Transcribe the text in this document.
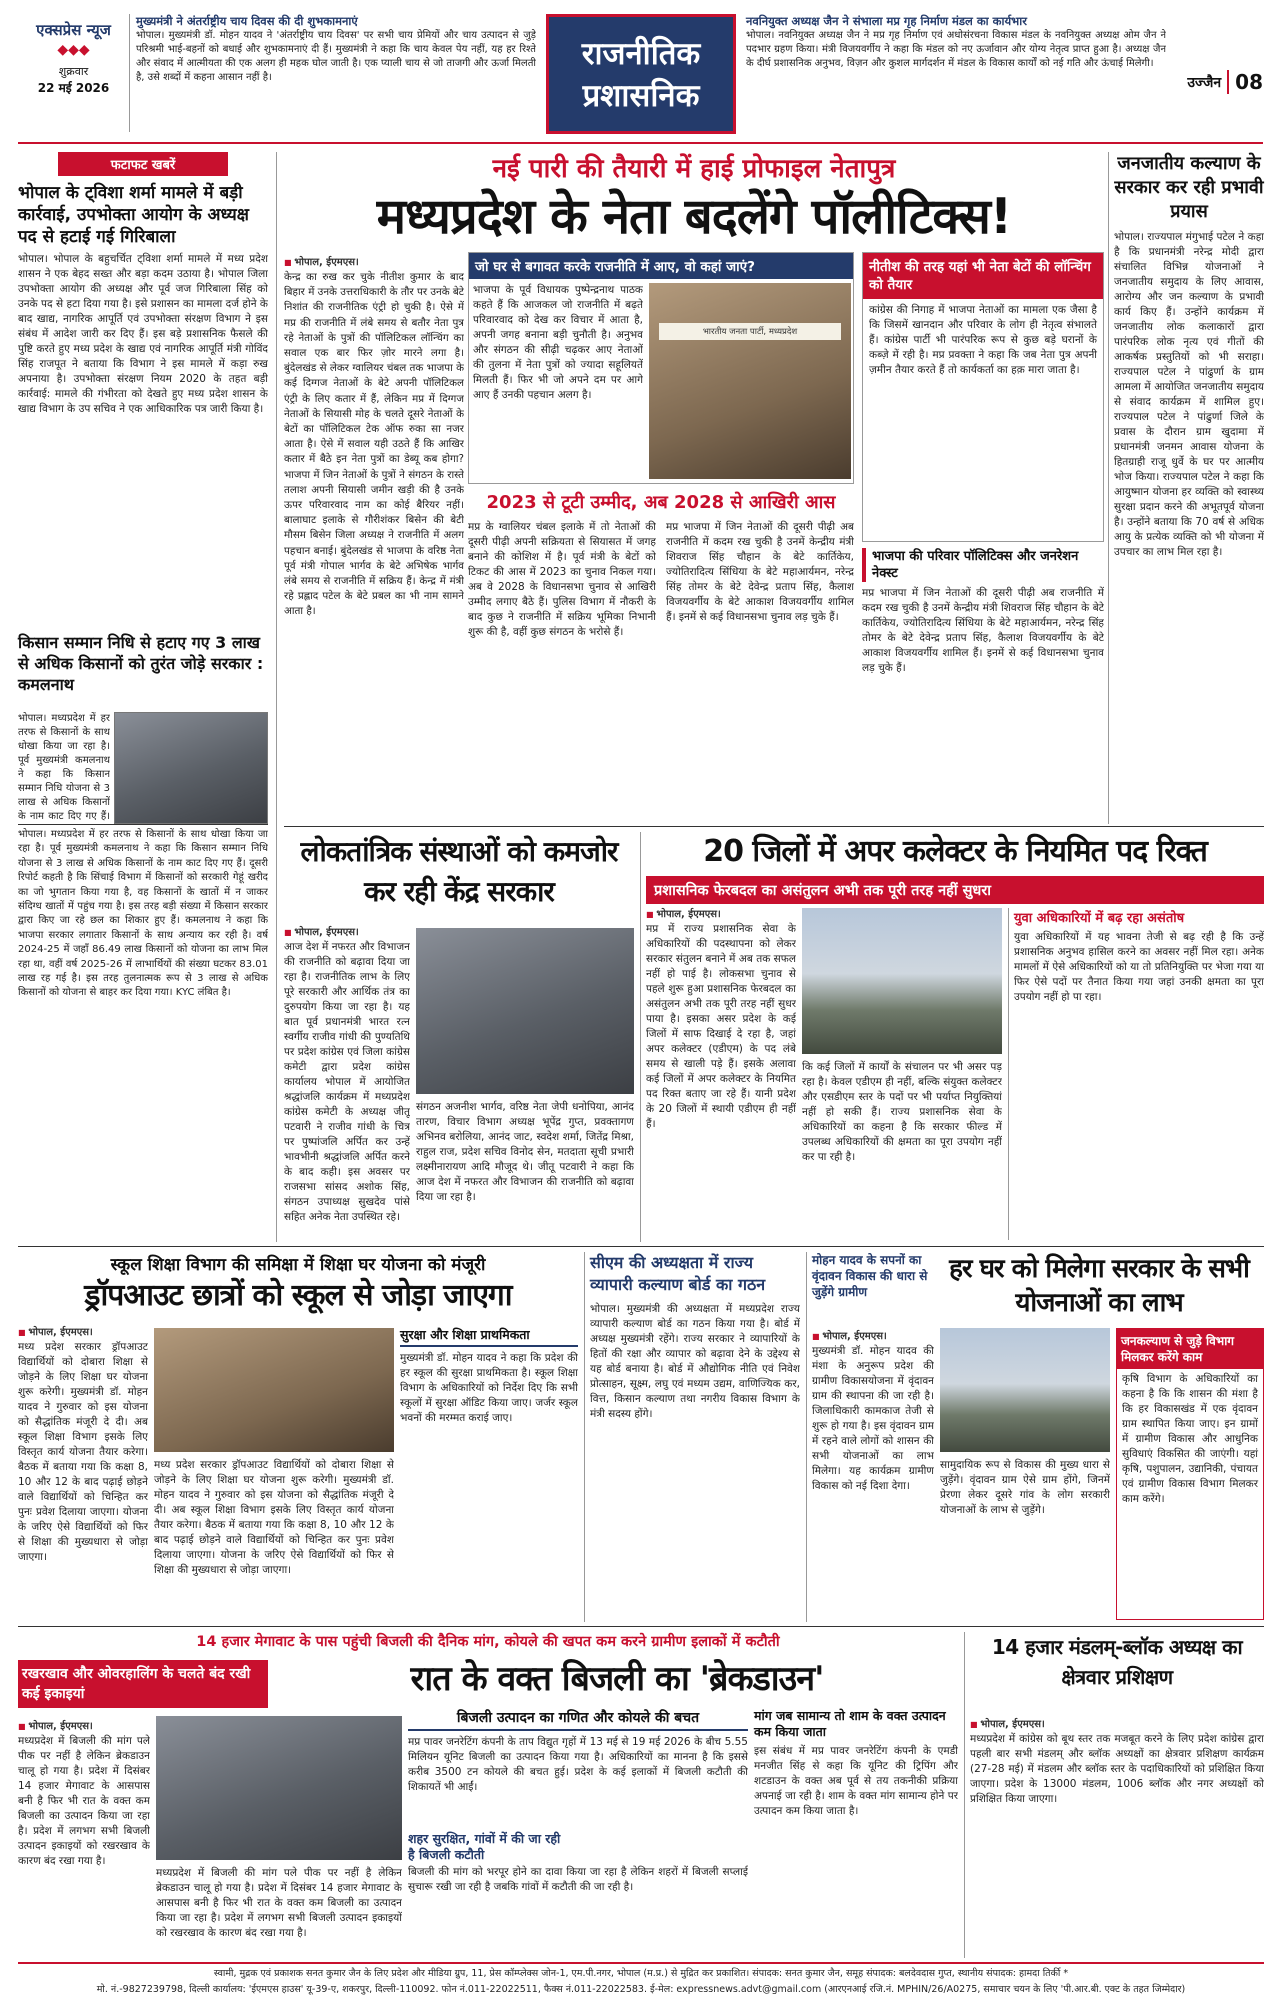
एक्सप्रेस न्यूज
◆◆◆
शुक्रवार
22 मई 2026
मुख्यमंत्री ने अंतर्राष्ट्रीय चाय दिवस की दी शुभकामनाएं
भोपाल। मुख्यमंत्री डॉ. मोहन यादव ने 'अंतर्राष्ट्रीय चाय दिवस' पर सभी चाय प्रेमियों और चाय उत्पादन से जुड़े परिश्रमी भाई-बहनों को बधाई और शुभकामनाएं दी हैं। मुख्यमंत्री ने कहा कि चाय केवल पेय नहीं, यह हर रिश्ते और संवाद में आत्मीयता की एक अलग ही महक घोल जाती है। एक प्याली चाय से जो ताजगी और ऊर्जा मिलती है, उसे शब्दों में कहना आसान नहीं है।
राजनीतिक
प्रशासनिक
नवनियुक्त अध्यक्ष जैन ने संभाला मप्र गृह निर्माण मंडल का कार्यभार
भोपाल। नवनियुक्त अध्यक्ष जैन ने मप्र गृह निर्माण एवं अधोसंरचना विकास मंडल के नवनियुक्त अध्यक्ष ओम जैन ने पदभार ग्रहण किया। मंत्री विजयवर्गीय ने कहा कि मंडल को नए ऊर्जावान और योग्य नेतृत्व प्राप्त हुआ है। अध्यक्ष जैन के दीर्घ प्रशासनिक अनुभव, विज़न और कुशल मार्गदर्शन में मंडल के विकास कार्यों को नई गति और ऊंचाई मिलेगी।
उज्जैन 08
फटाफट खबरें
भोपाल के ट्विशा शर्मा मामले में बड़ी कार्रवाई, उपभोक्ता आयोग के अध्यक्ष पद से हटाई गई गिरिबाला
भोपाल। भोपाल के बहुचर्चित ट्विशा शर्मा मामले में मध्य प्रदेश शासन ने एक बेहद सख्त और बड़ा कदम उठाया है। भोपाल जिला उपभोक्ता आयोग की अध्यक्ष और पूर्व जज गिरिबाला सिंह को उनके पद से हटा दिया गया है। इसे प्रशासन का मामला दर्ज होने के बाद खाद्य, नागरिक आपूर्ति एवं उपभोक्ता संरक्षण विभाग ने इस संबंध में आदेश जारी कर दिए हैं। इस बड़े प्रशासनिक फैसले की पुष्टि करते हुए मध्य प्रदेश के खाद्य एवं नागरिक आपूर्ति मंत्री गोविंद सिंह राजपूत ने बताया कि विभाग ने इस मामले में कड़ा रुख अपनाया है। उपभोक्ता संरक्षण नियम 2020 के तहत बड़ी कार्रवाई: मामले की गंभीरता को देखते हुए मध्य प्रदेश शासन के खाद्य विभाग के उप सचिव ने एक आधिकारिक पत्र जारी किया है।
किसान सम्मान निधि से हटाए गए 3 लाख से अधिक किसानों को तुरंत जोड़े सरकार : कमलनाथ
भोपाल। मध्यप्रदेश में हर तरफ से किसानों के साथ धोखा किया जा रहा है। पूर्व मुख्यमंत्री कमलनाथ ने कहा कि किसान सम्मान निधि योजना से 3 लाख से अधिक किसानों के नाम काट दिए गए हैं।
भोपाल। मध्यप्रदेश में हर तरफ से किसानों के साथ धोखा किया जा रहा है। पूर्व मुख्यमंत्री कमलनाथ ने कहा कि किसान सम्मान निधि योजना से 3 लाख से अधिक किसानों के नाम काट दिए गए हैं। दूसरी रिपोर्ट कहती है कि सिंचाई विभाग में किसानों को सरकारी गेहूं खरीद का जो भुगतान किया गया है, वह किसानों के खातों में न जाकर संदिग्ध खातों में पहुंच गया है। इस तरह बड़ी संख्या में किसान सरकार द्वारा किए जा रहे छल का शिकार हुए हैं। कमलनाथ ने कहा कि भाजपा सरकार लगातार किसानों के साथ अन्याय कर रही है। वर्ष 2024-25 में जहाँ 86.49 लाख किसानों को योजना का लाभ मिल रहा था, वहीं वर्ष 2025-26 में लाभार्थियों की संख्या घटकर 83.01 लाख रह गई है। इस तरह तुलनात्मक रूप से 3 लाख से अधिक किसानों को योजना से बाहर कर दिया गया। KYC लंबित है।
नई पारी की तैयारी में हाई प्रोफाइल नेतापुत्र
मध्यप्रदेश के नेता बदलेंगे पॉलीटिक्स!
■ भोपाल, ईएमएस।
केन्द्र का रुख कर चुके नीतीश कुमार के बाद बिहार में उनके उत्तराधिकारी के तौर पर उनके बेटे निशांत की राजनीतिक एंट्री हो चुकी है। ऐसे में मप्र की राजनीति में लंबे समय से बतौर नेता पुत्र रहे नेताओं के पुत्रों की पॉलिटिकल लॉन्चिंग का सवाल एक बार फिर ज़ोर मारने लगा है। बुंदेलखंड से लेकर ग्वालियर चंबल तक भाजपा के कई दिग्गज नेताओं के बेटे अपनी पॉलिटिकल एंट्री के लिए कतार में हैं, लेकिन मप्र में दिग्गज नेताओं के सियासी मोह के चलते दूसरे नेताओं के बेटों का पॉलिटिकल टेक ऑफ रुका सा नजर आता है। ऐसे में सवाल यही उठते हैं कि आखिर कतार में बैठे इन नेता पुत्रों का डेब्यू कब होगा? भाजपा में जिन नेताओं के पुत्रों ने संगठन के रास्ते तलाश अपनी सियासी जमीन खड़ी की है उनके ऊपर परिवारवाद नाम का कोई बैरियर नहीं। बालाघाट इलाके से गौरीशंकर बिसेन की बेटी मौसम बिसेन जिला अध्यक्ष ने राजनीति में अलग पहचान बनाई। बुंदेलखंड से भाजपा के वरिष्ठ नेता पूर्व मंत्री गोपाल भार्गव के बेटे अभिषेक भार्गव लंबे समय से राजनीति में सक्रिय हैं। केन्द्र में मंत्री रहे प्रह्लाद पटेल के बेटे प्रबल का भी नाम सामने आता है।
जो घर से बगावत करके राजनीति में आए, वो कहां जाएं?
भाजपा के पूर्व विधायक पुष्पेन्द्रनाथ पाठक कहते हैं कि आजकल जो राजनीति में बढ़ते परिवारवाद को देख कर विचार में आता है, अपनी जगह बनाना बड़ी चुनौती है। अनुभव और संगठन की सीढ़ी चढ़कर आए नेताओं की तुलना में नेता पुत्रों को ज्यादा सहूलियतें मिलती हैं। फिर भी जो अपने दम पर आगे आए हैं उनकी पहचान अलग है।
भारतीय जनता पार्टी, मध्यप्रदेश
2023 से टूटी उम्मीद, अब 2028 से आखिरी आस
मप्र के ग्वालियर चंबल इलाके में तो नेताओं की दूसरी पीढ़ी अपनी सक्रियता से सियासत में जगह बनाने की कोशिश में है। पूर्व मंत्री के बेटों को टिकट की आस में 2023 का चुनाव निकल गया। अब वे 2028 के विधानसभा चुनाव से आखिरी उम्मीद लगाए बैठे हैं। पुलिस विभाग में नौकरी के बाद कुछ ने राजनीति में सक्रिय भूमिका निभानी शुरू की है, वहीं कुछ संगठन के भरोसे हैं।
मप्र भाजपा में जिन नेताओं की दूसरी पीढ़ी अब राजनीति में कदम रख चुकी है उनमें केन्द्रीय मंत्री शिवराज सिंह चौहान के बेटे कार्तिकेय, ज्योतिरादित्य सिंधिया के बेटे महाआर्यमन, नरेन्द्र सिंह तोमर के बेटे देवेन्द्र प्रताप सिंह, कैलाश विजयवर्गीय के बेटे आकाश विजयवर्गीय शामिल हैं। इनमें से कई विधानसभा चुनाव लड़ चुके हैं।
नीतीश की तरह यहां भी नेता बेटों की लॉन्चिंग को तैयार
कांग्रेस की निगाह में भाजपा नेताओं का मामला एक जैसा है कि जिसमें खानदान और परिवार के लोग ही नेतृत्व संभालते हैं। कांग्रेस पार्टी भी पारंपरिक रूप से कुछ बड़े घरानों के कब्ज़े में रही है। मप्र प्रवक्ता ने कहा कि जब नेता पुत्र अपनी ज़मीन तैयार करते हैं तो कार्यकर्ता का हक़ मारा जाता है।
भाजपा की परिवार पॉलिटिक्स और जनरेशन नेक्स्ट
मप्र भाजपा में जिन नेताओं की दूसरी पीढ़ी अब राजनीति में कदम रख चुकी है उनमें केन्द्रीय मंत्री शिवराज सिंह चौहान के बेटे कार्तिकेय, ज्योतिरादित्य सिंधिया के बेटे महाआर्यमन, नरेन्द्र सिंह तोमर के बेटे देवेन्द्र प्रताप सिंह, कैलाश विजयवर्गीय के बेटे आकाश विजयवर्गीय शामिल हैं। इनमें से कई विधानसभा चुनाव लड़ चुके हैं।
जनजातीय कल्याण के सरकार कर रही प्रभावी प्रयास
भोपाल। राज्यपाल मंगुभाई पटेल ने कहा है कि प्रधानमंत्री नरेन्द्र मोदी द्वारा संचालित विभिन्न योजनाओं ने जनजातीय समुदाय के लिए आवास, आरोग्य और जन कल्याण के प्रभावी कार्य किए हैं। उन्होंने कार्यक्रम में जनजातीय लोक कलाकारों द्वारा पारंपरिक लोक नृत्य एवं गीतों की आकर्षक प्रस्तुतियों को भी सराहा। राज्यपाल पटेल ने पांढुर्णा के ग्राम आमला में आयोजित जनजातीय समुदाय से संवाद कार्यक्रम में शामिल हुए। राज्यपाल पटेल ने पांढुर्णा जिले के प्रवास के दौरान ग्राम खुदामा में प्रधानमंत्री जनमन आवास योजना के हितग्राही राजू धुर्वे के घर पर आत्मीय भोज किया। राज्यपाल पटेल ने कहा कि आयुष्मान योजना हर व्यक्ति को स्वास्थ्य सुरक्षा प्रदान करने की अभूतपूर्व योजना है। उन्होंने बताया कि 70 वर्ष से अधिक आयु के प्रत्येक व्यक्ति को भी योजना में उपचार का लाभ मिल रहा है।
लोकतांत्रिक संस्थाओं को कमजोर कर रही केंद्र सरकार
■ भोपाल, ईएमएस।
आज देश में नफरत और विभाजन की राजनीति को बढ़ावा दिया जा रहा है। राजनीतिक लाभ के लिए पूरे सरकारी और आर्थिक तंत्र का दुरुपयोग किया जा रहा है। यह बात पूर्व प्रधानमंत्री भारत रत्न स्वर्गीय राजीव गांधी की पुण्यतिथि पर प्रदेश कांग्रेस एवं जिला कांग्रेस कमेटी द्वारा प्रदेश कांग्रेस कार्यालय भोपाल में आयोजित श्रद्धांजलि कार्यक्रम में मध्यप्रदेश कांग्रेस कमेटी के अध्यक्ष जीतू पटवारी ने राजीव गांधी के चित्र पर पुष्पांजलि अर्पित कर उन्हें भावभीनी श्रद्धांजलि अर्पित करने के बाद कही। इस अवसर पर राजसभा सांसद अशोक सिंह, संगठन उपाध्यक्ष सुखदेव पांसे सहित अनेक नेता उपस्थित रहे।
संगठन अजनीश भार्गव, वरिष्ठ नेता जेपी धनोपिया, आनंद तारण, विचार विभाग अध्यक्ष भूपेंद्र गुप्त, प्रवक्तागण अभिनव बरोलिया, आनंद जाट, स्वदेश शर्मा, जितेंद्र मिश्रा, राहुल राज, प्रदेश सचिव विनोद सेन, मतदाता सूची प्रभारी लक्ष्मीनारायण आदि मौजूद थे। जीतू पटवारी ने कहा कि आज देश में नफरत और विभाजन की राजनीति को बढ़ावा दिया जा रहा है।
20 जिलों में अपर कलेक्टर के नियमित पद रिक्त
प्रशासनिक फेरबदल का असंतुलन अभी तक पूरी तरह नहीं सुधरा
■ भोपाल, ईएमएस।
मप्र में राज्य प्रशासनिक सेवा के अधिकारियों की पदस्थापना को लेकर सरकार संतुलन बनाने में अब तक सफल नहीं हो पाई है। लोकसभा चुनाव से पहले शुरू हुआ प्रशासनिक फेरबदल का असंतुलन अभी तक पूरी तरह नहीं सुधर पाया है। इसका असर प्रदेश के कई जिलों में साफ दिखाई दे रहा है, जहां अपर कलेक्टर (एडीएम) के पद लंबे समय से खाली पड़े हैं। इसके अलावा कई जिलों में अपर कलेक्टर के नियमित पद रिक्त बताए जा रहे हैं। यानी प्रदेश के 20 जिलों में स्थायी एडीएम ही नहीं हैं।
कि कई जिलों में कार्यों के संचालन पर भी असर पड़ रहा है। केवल एडीएम ही नहीं, बल्कि संयुक्त कलेक्टर और एसडीएम स्तर के पदों पर भी पर्याप्त नियुक्तियां नहीं हो सकी हैं। राज्य प्रशासनिक सेवा के अधिकारियों का कहना है कि सरकार फील्ड में उपलब्ध अधिकारियों की क्षमता का पूरा उपयोग नहीं कर पा रही है।
युवा अधिकारियों में बढ़ रहा असंतोष
युवा अधिकारियों में यह भावना तेजी से बढ़ रही है कि उन्हें प्रशासनिक अनुभव हासिल करने का अवसर नहीं मिल रहा। अनेक मामलों में ऐसे अधिकारियों को या तो प्रतिनियुक्ति पर भेजा गया या फिर ऐसे पदों पर तैनात किया गया जहां उनकी क्षमता का पूरा उपयोग नहीं हो पा रहा।
स्कूल शिक्षा विभाग की समिक्षा में शिक्षा घर योजना को मंजूरी
ड्रॉपआउट छात्रों को स्कूल से जोड़ा जाएगा
■ भोपाल, ईएमएस।
मध्य प्रदेश सरकार ड्रॉपआउट विद्यार्थियों को दोबारा शिक्षा से जोड़ने के लिए शिक्षा घर योजना शुरू करेगी। मुख्यमंत्री डॉ. मोहन यादव ने गुरुवार को इस योजना को सैद्धांतिक मंजूरी दे दी। अब स्कूल शिक्षा विभाग इसके लिए विस्तृत कार्य योजना तैयार करेगा। बैठक में बताया गया कि कक्षा 8, 10 और 12 के बाद पढ़ाई छोड़ने वाले विद्यार्थियों को चिन्हित कर पुनः प्रवेश दिलाया जाएगा। योजना के जरिए ऐसे विद्यार्थियों को फिर से शिक्षा की मुख्यधारा से जोड़ा जाएगा।
मध्य प्रदेश सरकार ड्रॉपआउट विद्यार्थियों को दोबारा शिक्षा से जोड़ने के लिए शिक्षा घर योजना शुरू करेगी। मुख्यमंत्री डॉ. मोहन यादव ने गुरुवार को इस योजना को सैद्धांतिक मंजूरी दे दी। अब स्कूल शिक्षा विभाग इसके लिए विस्तृत कार्य योजना तैयार करेगा। बैठक में बताया गया कि कक्षा 8, 10 और 12 के बाद पढ़ाई छोड़ने वाले विद्यार्थियों को चिन्हित कर पुनः प्रवेश दिलाया जाएगा। योजना के जरिए ऐसे विद्यार्थियों को फिर से शिक्षा की मुख्यधारा से जोड़ा जाएगा।
सुरक्षा और शिक्षा प्राथमिकता
मुख्यमंत्री डॉ. मोहन यादव ने कहा कि प्रदेश की हर स्कूल की सुरक्षा प्राथमिकता है। स्कूल शिक्षा विभाग के अधिकारियों को निर्देश दिए कि सभी स्कूलों में सुरक्षा ऑडिट किया जाए। जर्जर स्कूल भवनों की मरम्मत कराई जाए।
सीएम की अध्यक्षता में राज्य व्यापारी कल्याण बोर्ड का गठन
भोपाल। मुख्यमंत्री की अध्यक्षता में मध्यप्रदेश राज्य व्यापारी कल्याण बोर्ड का गठन किया गया है। बोर्ड में अध्यक्ष मुख्यमंत्री रहेंगे। राज्य सरकार ने व्यापारियों के हितों की रक्षा और व्यापार को बढ़ावा देने के उद्देश्य से यह बोर्ड बनाया है। बोर्ड में औद्योगिक नीति एवं निवेश प्रोत्साहन, सूक्ष्म, लघु एवं मध्यम उद्यम, वाणिज्यिक कर, वित्त, किसान कल्याण तथा नगरीय विकास विभाग के मंत्री सदस्य होंगे।
मोहन यादव के सपनों का वृंदावन विकास की धारा से जुड़ेंगे ग्रामीण
हर घर को मिलेगा सरकार के सभी योजनाओं का लाभ
■ भोपाल, ईएमएस।
मुख्यमंत्री डॉ. मोहन यादव की मंशा के अनुरूप प्रदेश की ग्रामीण विकासयोजना में वृंदावन ग्राम की स्थापना की जा रही है। जिलाधिकारी कामकाज तेजी से शुरू हो गया है। इस वृंदावन ग्राम में रहने वाले लोगों को शासन की सभी योजनाओं का लाभ मिलेगा। यह कार्यक्रम ग्रामीण विकास को नई दिशा देगा।
सामुदायिक रूप से विकास की मुख्य धारा से जुड़ेंगे। वृंदावन ग्राम ऐसे ग्राम होंगे, जिनमें प्रेरणा लेकर दूसरे गांव के लोग सरकारी योजनाओं के लाभ से जुड़ेंगे।
जनकल्याण से जुड़े विभाग मिलकर करेंगे काम
कृषि विभाग के अधिकारियों का कहना है कि कि शासन की मंशा है कि हर विकासखंड में एक वृंदावन ग्राम स्थापित किया जाए। इन ग्रामों में ग्रामीण विकास और आधुनिक सुविधाएं विकसित की जाएंगी। यहां कृषि, पशुपालन, उद्यानिकी, पंचायत एवं ग्रामीण विकास विभाग मिलकर काम करेंगे।
14 हजार मेगावाट के पास पहुंची बिजली की दैनिक मांग, कोयले की खपत कम करने ग्रामीण इलाकों में कटौती
रखरखाव और ओवरहालिंग के चलते बंद रखी कई इकाइयां	रात के वक्त बिजली का 'ब्रेकडाउन'
■ भोपाल, ईएमएस।
मध्यप्रदेश में बिजली की मांग पले पीक पर नहीं है लेकिन ब्रेकडाउन चालू हो गया है। प्रदेश में दिसंबर 14 हजार मेगावाट के आसपास बनी है फिर भी रात के वक्त कम बिजली का उत्पादन किया जा रहा है। प्रदेश में लगभग सभी बिजली उत्पादन इकाइयों को रखरखाव के कारण बंद रखा गया है।
मध्यप्रदेश में बिजली की मांग पले पीक पर नहीं है लेकिन ब्रेकडाउन चालू हो गया है। प्रदेश में दिसंबर 14 हजार मेगावाट के आसपास बनी है फिर भी रात के वक्त कम बिजली का उत्पादन किया जा रहा है। प्रदेश में लगभग सभी बिजली उत्पादन इकाइयों को रखरखाव के कारण बंद रखा गया है।
बिजली उत्पादन का गणित और कोयले की बचत
मप्र पावर जनरेटिंग कंपनी के ताप विद्युत गृहों में 13 मई से 19 मई 2026 के बीच 5.55 मिलियन यूनिट बिजली का उत्पादन किया गया है। अधिकारियों का मानना है कि इससे करीब 3500 टन कोयले की बचत हुई। प्रदेश के कई इलाकों में बिजली कटौती की शिकायतें भी आईं।
शहर सुरक्षित, गांवों में की जा रही है बिजली कटौती
बिजली की मांग को भरपूर होने का दावा किया जा रहा है लेकिन शहरों में बिजली सप्लाई सुचारू रखी जा रही है जबकि गांवों में कटौती की जा रही है।
मांग जब सामान्य तो शाम के वक्त उत्पादन कम किया जाता
इस संबंध में मप्र पावर जनरेटिंग कंपनी के एमडी मनजीत सिंह से कहा कि यूनिट की ट्रिपिंग और शटडाउन के वक्त अब पूर्व से तय तकनीकी प्रक्रिया अपनाई जा रही है। शाम के वक्त मांग सामान्य होने पर उत्पादन कम किया जाता है।
14 हजार मंडलम्-ब्लॉक अध्यक्ष का क्षेत्रवार प्रशिक्षण
■ भोपाल, ईएमएस।
मध्यप्रदेश में कांग्रेस को बूथ स्तर तक मजबूत करने के लिए प्रदेश कांग्रेस द्वारा पहली बार सभी मंडलम् और ब्लॉक अध्यक्षों का क्षेत्रवार प्रशिक्षण कार्यक्रम (27-28 मई) में मंडलम और ब्लॉक स्तर के पदाधिकारियों को प्रशिक्षित किया जाएगा। प्रदेश के 13000 मंडलम, 1006 ब्लॉक और नगर अध्यक्षों को प्रशिक्षित किया जाएगा।
स्वामी, मुद्रक एवं प्रकाशक सनत कुमार जैन के लिए प्रदेश और मीडिया ग्रुप, 11, प्रेस कॉम्प्लेक्स जोन-1, एम.पी.नगर, भोपाल (म.प्र.) से मुद्रित कर प्रकाशित। संपादक: सनत कुमार जैन, समूह संपादक: बलदेवदास गुप्त, स्थानीय संपादक: हामदा तिर्की *
मो. नं.-9827239798, दिल्ली कार्यालय: 'ईएमएस हाउस' यू-39-ए, शकरपुर, दिल्ली-110092. फोन नं.011-22022511, फैक्स नं.011-22022583. ई-मेल: expressnews.advt@gmail.com (आरएनआई रजि.नं. MPHIN/26/A0275, समाचार चयन के लिए 'पी.आर.बी. एक्ट के तहत जिम्मेदार)
